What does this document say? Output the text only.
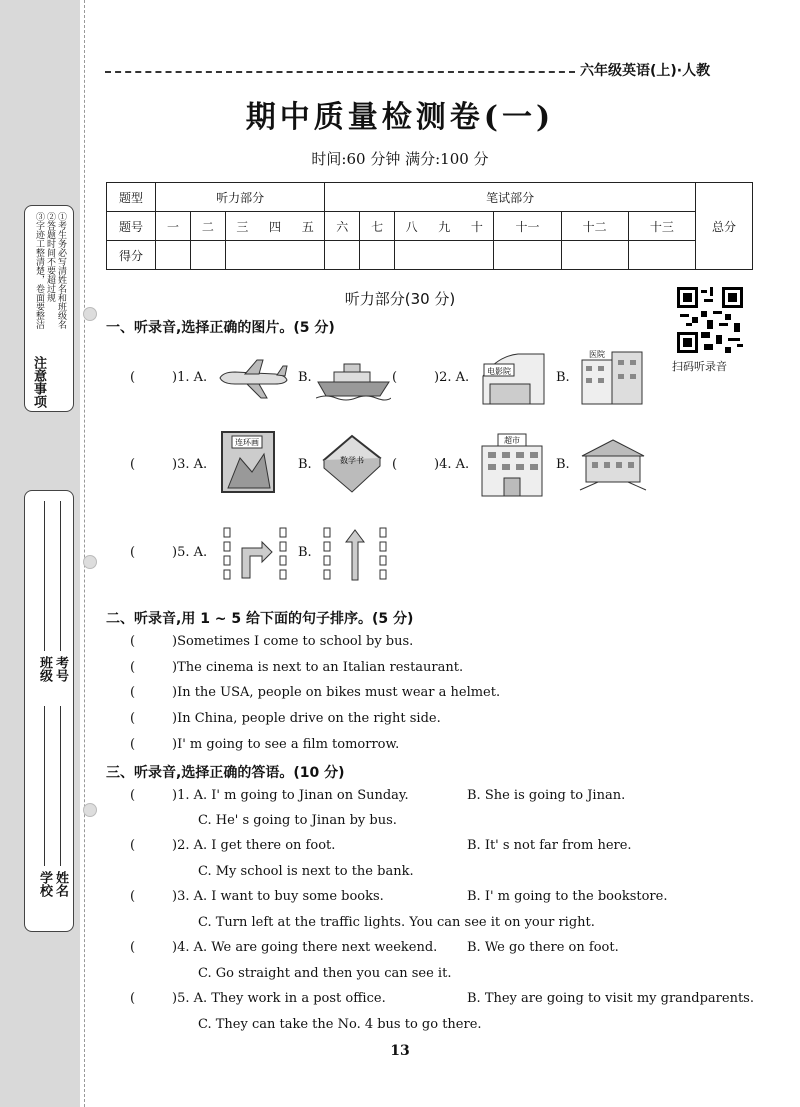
注意事项
①考生务必写清姓名和班级名
②答题时间不要超过规
③字迹工整清楚，卷面要整洁
班级 考号
学校 姓名
六年级英语(上)·人教
期中质量检测卷(一)
时间:60 分钟 满分:100 分
题型	听力部分					笔试部分								总分
题号	一	二	三	四	五	六	七	八	九	十	十一	十二	十三	
得分														
听力部分(30 分)
扫码听录音
一、听录音,选择正确的图片。(5 分)
(	)1. A.	B.	(	)2. A. 电影院	B.
医院
(	)3. A.
连环画
B.	数学书 (	)4. A.
超市
B.
(	)5. A.	B.
二、听录音,用 1 ~ 5 给下面的句子排序。(5 分)
(	)Sometimes I come to school by bus.
(	)The cinema is next to an Italian restaurant.
(	)In the USA, people on bikes must wear a helmet.
(	)In China, people drive on the right side.
(	)I' m going to see a film tomorrow.
三、听录音,选择正确的答语。(10 分)
(	)1. A. I' m going to Jinan on Sunday.	B. She is going to Jinan.
C. He' s going to Jinan by bus.
(	)2. A. I get there on foot.	B. It' s not far from here.
C. My school is next to the bank.
(	)3. A. I want to buy some books.	B. I' m going to the bookstore.
C. Turn left at the traffic lights. You can see it on your right.
(	)4. A. We are going there next weekend. B. We go there on foot.
C. Go straight and then you can see it.
(	)5. A. They work in a post office.	B. They are going to visit my grandparents.
C. They can take the No. 4 bus to go there.
13
